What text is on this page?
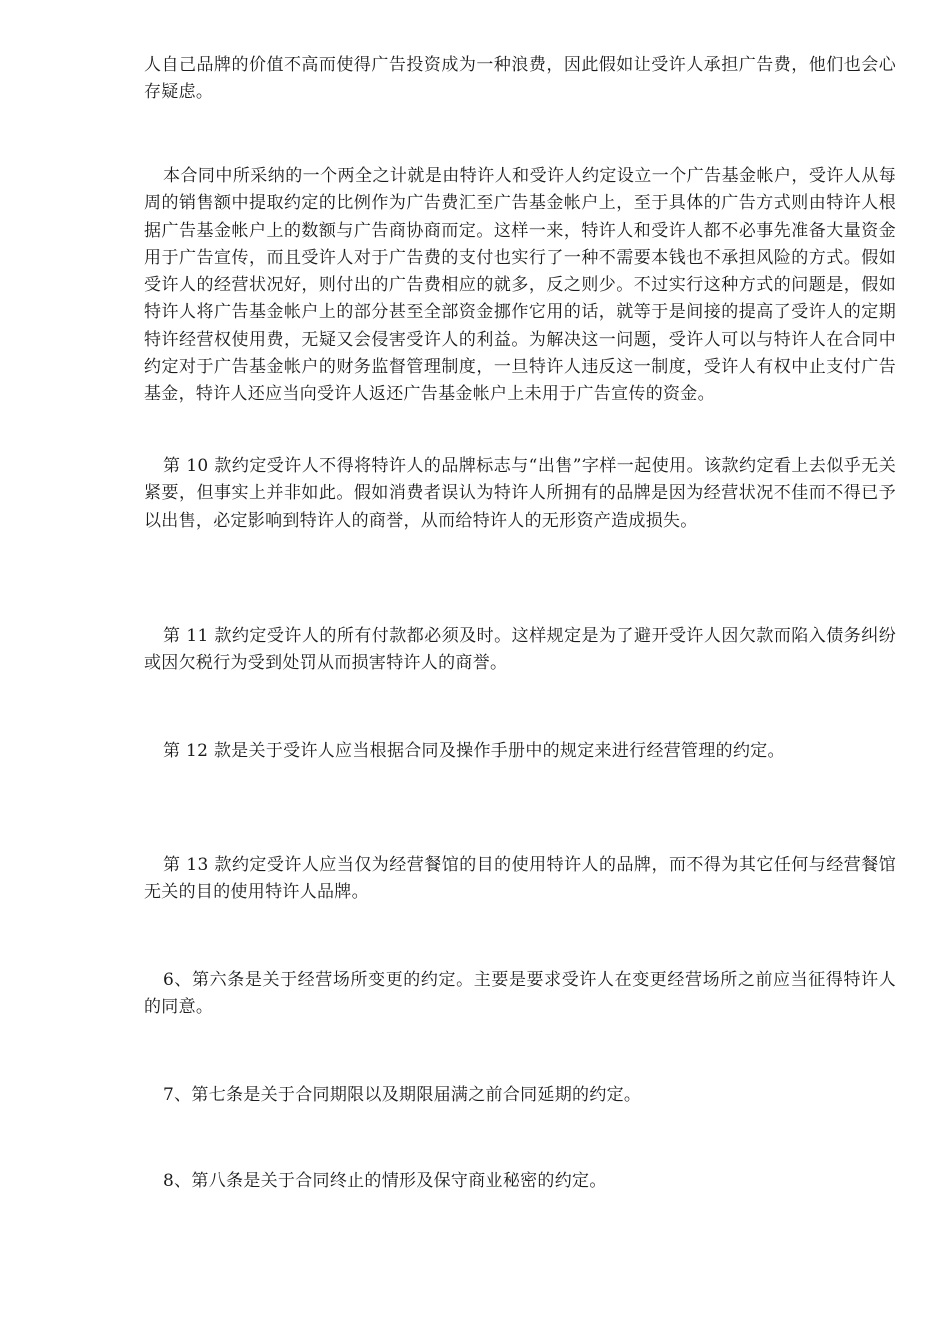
人自己品牌的价值不高而使得广告投资成为一种浪费，因此假如让受许人承担广告费，他们也会心存疑虑。

本合同中所采纳的一个两全之计就是由特许人和受许人约定设立一个广告基金帐户，受许人从每周的销售额中提取约定的比例作为广告费汇至广告基金帐户上，至于具体的广告方式则由特许人根据广告基金帐户上的数额与广告商协商而定。这样一来，特许人和受许人都不必事先准备大量资金用于广告宣传，而且受许人对于广告费的支付也实行了一种不需要本钱也不承担风险的方式。假如受许人的经营状况好，则付出的广告费相应的就多，反之则少。不过实行这种方式的问题是，假如特许人将广告基金帐户上的部分甚至全部资金挪作它用的话，就等于是间接的提高了受许人的定期特许经营权使用费，无疑又会侵害受许人的利益。为解决这一问题，受许人可以与特许人在合同中约定对于广告基金帐户的财务监督管理制度，一旦特许人违反这一制度，受许人有权中止支付广告基金，特许人还应当向受许人返还广告基金帐户上未用于广告宣传的资金。

第 10 款约定受许人不得将特许人的品牌标志与“出售”字样一起使用。该款约定看上去似乎无关紧要，但事实上并非如此。假如消费者误认为特许人所拥有的品牌是因为经营状况不佳而不得已予以出售，必定影响到特许人的商誉，从而给特许人的无形资产造成损失。

第 11 款约定受许人的所有付款都必须及时。这样规定是为了避开受许人因欠款而陷入债务纠纷或因欠税行为受到处罚从而损害特许人的商誉。

第 12 款是关于受许人应当根据合同及操作手册中的规定来进行经营管理的约定。

第 13 款约定受许人应当仅为经营餐馆的目的使用特许人的品牌，而不得为其它任何与经营餐馆无关的目的使用特许人品牌。

6、第六条是关于经营场所变更的约定。主要是要求受许人在变更经营场所之前应当征得特许人的同意。

7、第七条是关于合同期限以及期限届满之前合同延期的约定。

8、第八条是关于合同终止的情形及保守商业秘密的约定。
